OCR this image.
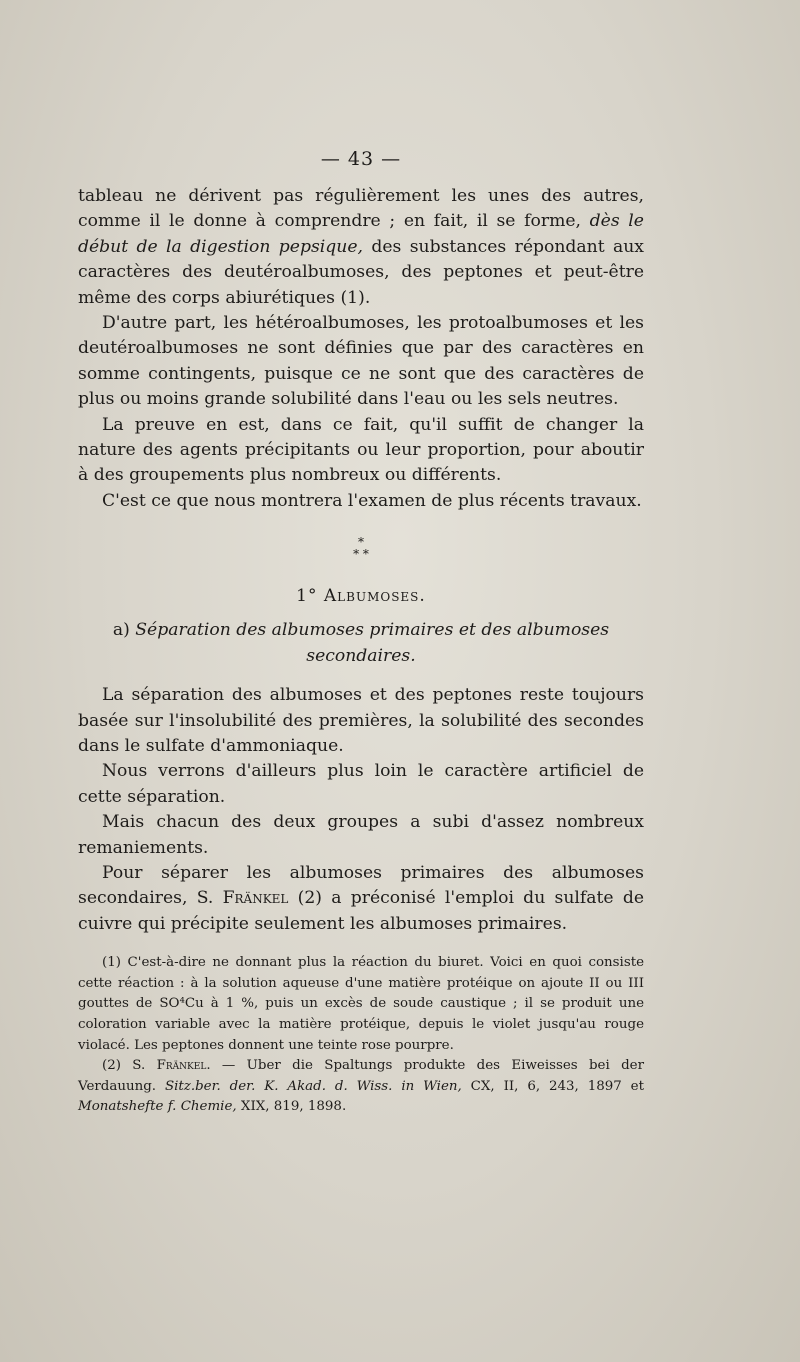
— 43 —

tableau ne dérivent pas régulièrement les unes des autres, comme il le donne à comprendre ; en fait, il se forme, dès le début de la digestion pepsique, des substances répondant aux caractères des deutéroalbumoses, des peptones et peut-être même des corps abiurétiques (1).

D'autre part, les hétéroalbumoses, les protoalbumoses et les deutéroalbumoses ne sont définies que par des caractères en somme contingents, puisque ce ne sont que des caractères de plus ou moins grande solubilité dans l'eau ou les sels neutres.

La preuve en est, dans ce fait, qu'il suffit de changer la nature des agents précipitants ou leur proportion, pour aboutir à des groupements plus nombreux ou différents.

C'est ce que nous montrera l'examen de plus récents travaux.

*
* *
1° Albumoses.
a) Séparation des albumoses primaires et des albumoses secondaires.

La séparation des albumoses et des peptones reste toujours basée sur l'insolubilité des premières, la solubilité des secondes dans le sulfate d'ammoniaque.

Nous verrons d'ailleurs plus loin le caractère artificiel de cette séparation.

Mais chacun des deux groupes a subi d'assez nombreux remaniements.

Pour séparer les albumoses primaires des albumoses secondaires, S. Fränkel (2) a préconisé l'emploi du sulfate de cuivre qui précipite seulement les albumoses primaires.

(1) C'est-à-dire ne donnant plus la réaction du biuret. Voici en quoi consiste cette réaction : à la solution aqueuse d'une matière protéique on ajoute II ou III gouttes de SO⁴Cu à 1 %, puis un excès de soude caustique ; il se produit une coloration variable avec la matière protéique, depuis le violet jusqu'au rouge violacé. Les peptones donnent une teinte rose pourpre.

(2) S. Fränkel. — Uber die Spaltungs produkte des Eiweisses bei der Verdauung. Sitz.ber. der. K. Akad. d. Wiss. in Wien, CX, II, 6, 243, 1897 et Monatshefte f. Chemie, XIX, 819, 1898.
